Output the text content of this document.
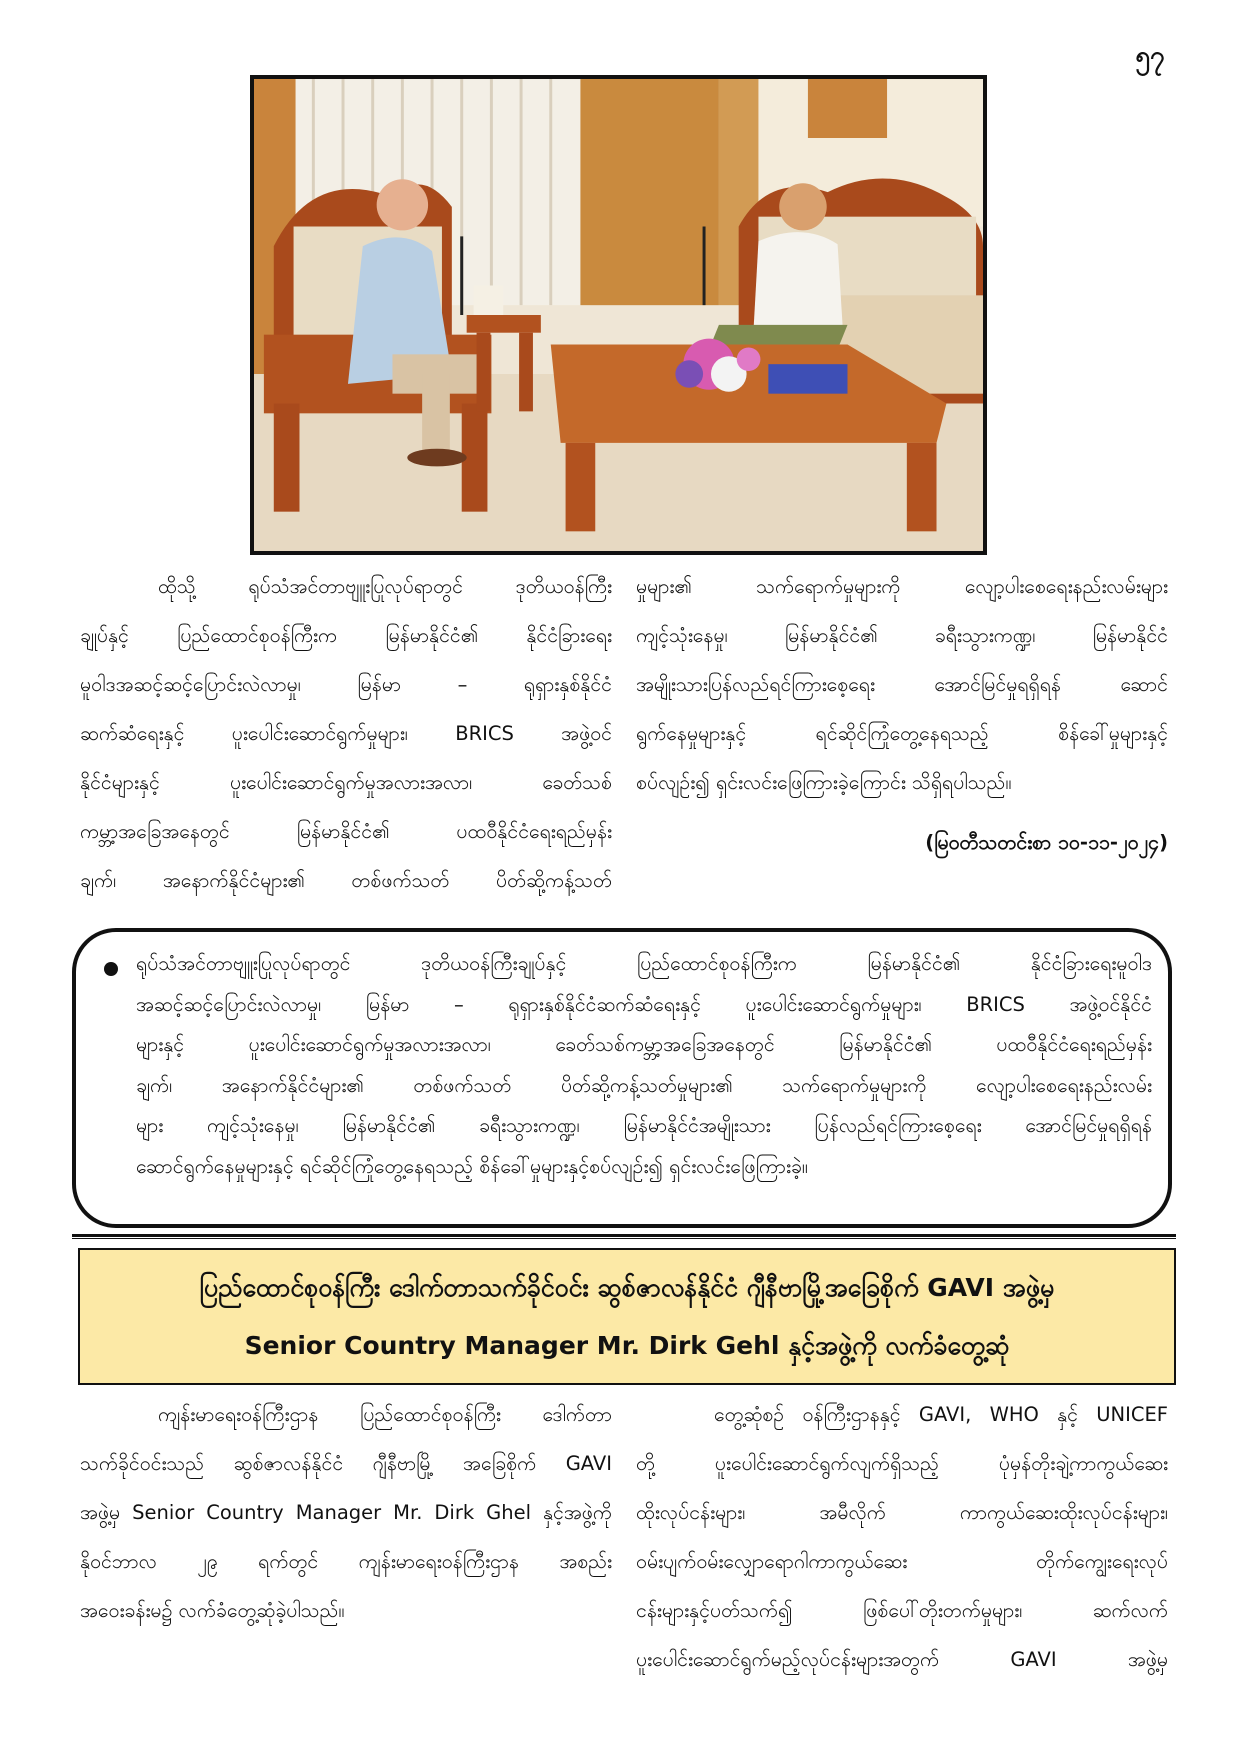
၅၇
ထိုသို့ ရုပ်သံအင်တာဗျူးပြုလုပ်ရာတွင် ဒုတိယဝန်ကြီး
ချုပ်နှင့် ပြည်ထောင်စုဝန်ကြီးက မြန်မာနိုင်ငံ၏ နိုင်ငံခြားရေး
မူဝါဒအဆင့်ဆင့်ပြောင်းလဲလာမှု၊ မြန်မာ – ရုရှားနှစ်နိုင်ငံ
ဆက်ဆံရေးနှင့် ပူးပေါင်းဆောင်ရွက်မှုများ၊ BRICS အဖွဲ့ဝင်
နိုင်ငံများနှင့် ပူးပေါင်းဆောင်ရွက်မှုအလားအလာ၊ ခေတ်သစ်
ကမ္ဘာ့အခြေအနေတွင် မြန်မာနိုင်ငံ၏ ပထဝီနိုင်ငံရေးရည်မှန်း
ချက်၊ အနောက်နိုင်ငံများ၏ တစ်ဖက်သတ် ပိတ်ဆို့ကန့်သတ်
မှုများ၏ သက်ရောက်မှုများကို လျော့ပါးစေရေးနည်းလမ်းများ
ကျင့်သုံးနေမှု၊ မြန်မာနိုင်ငံ၏ ခရီးသွားကဏ္ဍ၊ မြန်မာနိုင်ငံ
အမျိုးသားပြန်လည်ရင်ကြားစေ့ရေး အောင်မြင်မှုရရှိရန် ဆောင်
ရွက်နေမှုများနှင့် ရင်ဆိုင်ကြုံတွေ့နေရသည့် စိန်ခေါ်မှုများနှင့်
စပ်လျဉ်း၍ ရှင်းလင်းဖြေကြားခဲ့ကြောင်း သိရှိရပါသည်။
(မြဝတီသတင်းစာ ၁၀-၁၁-၂၀၂၄)
ရုပ်သံအင်တာဗျူးပြုလုပ်ရာတွင် ဒုတိယဝန်ကြီးချုပ်နှင့် ပြည်ထောင်စုဝန်ကြီးက မြန်မာနိုင်ငံ၏ နိုင်ငံခြားရေးမူဝါဒ
အဆင့်ဆင့်ပြောင်းလဲလာမှု၊ မြန်မာ – ရုရှားနှစ်နိုင်ငံဆက်ဆံရေးနှင့် ပူးပေါင်းဆောင်ရွက်မှုများ၊ BRICS အဖွဲ့ဝင်နိုင်ငံ
များနှင့် ပူးပေါင်းဆောင်ရွက်မှုအလားအလာ၊ ခေတ်သစ်ကမ္ဘာ့အခြေအနေတွင် မြန်မာနိုင်ငံ၏ ပထဝီနိုင်ငံရေးရည်မှန်း
ချက်၊ အနောက်နိုင်ငံများ၏ တစ်ဖက်သတ် ပိတ်ဆို့ကန့်သတ်မှုများ၏ သက်ရောက်မှုများကို လျော့ပါးစေရေးနည်းလမ်း
များ ကျင့်သုံးနေမှု၊ မြန်မာနိုင်ငံ၏ ခရီးသွားကဏ္ဍ၊ မြန်မာနိုင်ငံအမျိုးသား ပြန်လည်ရင်ကြားစေ့ရေး အောင်မြင်မှုရရှိရန်
ဆောင်ရွက်နေမှုများနှင့် ရင်ဆိုင်ကြုံတွေ့နေရသည့် စိန်ခေါ်မှုများနှင့်စပ်လျဉ်း၍ ရှင်းလင်းဖြေကြားခဲ့။
ပြည်ထောင်စုဝန်ကြီး ဒေါက်တာသက်ခိုင်ဝင်း ဆွစ်ဇာလန်နိုင်ငံ ဂျီနီဗာမြို့အခြေစိုက် GAVI အဖွဲ့မှ
Senior Country Manager Mr. Dirk Gehl နှင့်အဖွဲ့ကို လက်ခံတွေ့ဆုံ
ကျန်းမာရေးဝန်ကြီးဌာန ပြည်ထောင်စုဝန်ကြီး ဒေါက်တာ
သက်ခိုင်ဝင်းသည် ဆွစ်ဇာလန်နိုင်ငံ ဂျီနီဗာမြို့ အခြေစိုက် GAVI
အဖွဲ့မှ Senior Country Manager Mr. Dirk Ghel နှင့်အဖွဲ့ကို
နိုဝင်ဘာလ ၂၉ ရက်တွင် ကျန်းမာရေးဝန်ကြီးဌာန အစည်း
အဝေးခန်းမ၌ လက်ခံတွေ့ဆုံခဲ့ပါသည်။
တွေ့ဆုံစဉ် ဝန်ကြီးဌာနနှင့် GAVI, WHO နှင့် UNICEF
တို့ ပူးပေါင်းဆောင်ရွက်လျက်ရှိသည့် ပုံမှန်တိုးချဲ့ကာကွယ်ဆေး
ထိုးလုပ်ငန်းများ၊ အမီလိုက် ကာကွယ်ဆေးထိုးလုပ်ငန်းများ၊
ဝမ်းပျက်ဝမ်းလျှောရောဂါကာကွယ်ဆေး တိုက်ကျွေးရေးလုပ်
ငန်းများနှင့်ပတ်သက်၍ ဖြစ်ပေါ်တိုးတက်မှုများ၊ ဆက်လက်
ပူးပေါင်းဆောင်ရွက်မည့်လုပ်ငန်းများအတွက် GAVI အဖွဲ့မှ
